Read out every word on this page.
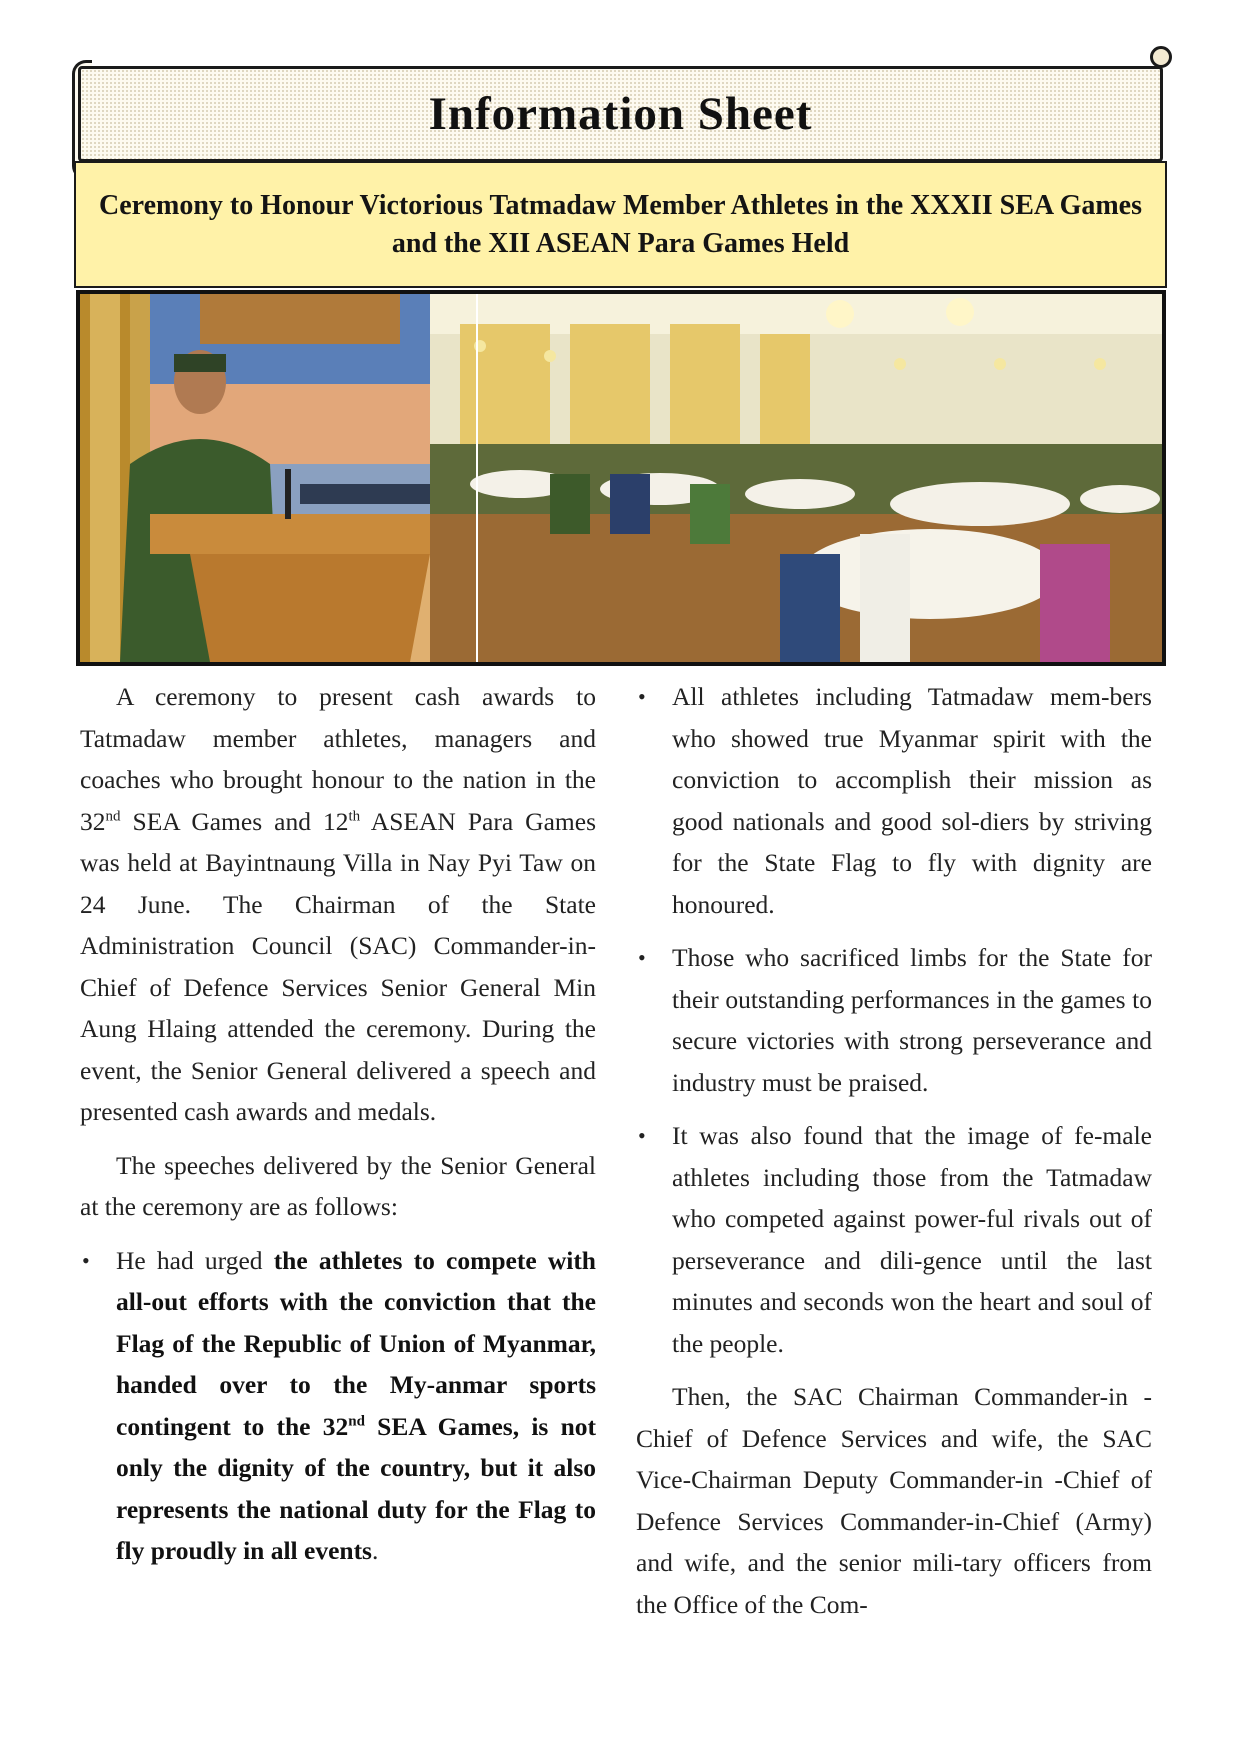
Information Sheet
Ceremony to Honour Victorious Tatmadaw Member Athletes in the XXXII SEA Games and the XII ASEAN Para Games Held

A ceremony to present cash awards to Tatmadaw member athletes, managers and coaches who brought honour to the nation in the 32nd SEA Games and 12th ASEAN Para Games was held at Bayintnaung Villa in Nay Pyi Taw on 24 June. The Chairman of the State Administration Council (SAC) Commander-in-Chief of Defence Services Senior General Min Aung Hlaing attended the ceremony. During the event, the Senior General delivered a speech and presented cash awards and medals.

The speeches delivered by the Senior General at the ceremony are as follows:

• He had urged the athletes to compete with all-out efforts with the conviction that the Flag of the Republic of Union of Myanmar, handed over to the My-anmar sports contingent to the 32nd SEA Games, is not only the dignity of the country, but it also represents the national duty for the Flag to fly proudly in all events.
• All athletes including Tatmadaw mem-bers who showed true Myanmar spirit with the conviction to accomplish their mission as good nationals and good sol-diers by striving for the State Flag to fly with dignity are honoured.
• Those who sacrificed limbs for the State for their outstanding performances in the games to secure victories with strong perseverance and industry must be praised.
• It was also found that the image of fe-male athletes including those from the Tatmadaw who competed against power-ful rivals out of perseverance and dili-gence until the last minutes and seconds won the heart and soul of the people.

Then, the SAC Chairman Commander-in -Chief of Defence Services and wife, the SAC Vice-Chairman Deputy Commander-in -Chief of Defence Services Commander-in-Chief (Army) and wife, and the senior mili-tary officers from the Office of the Com-
